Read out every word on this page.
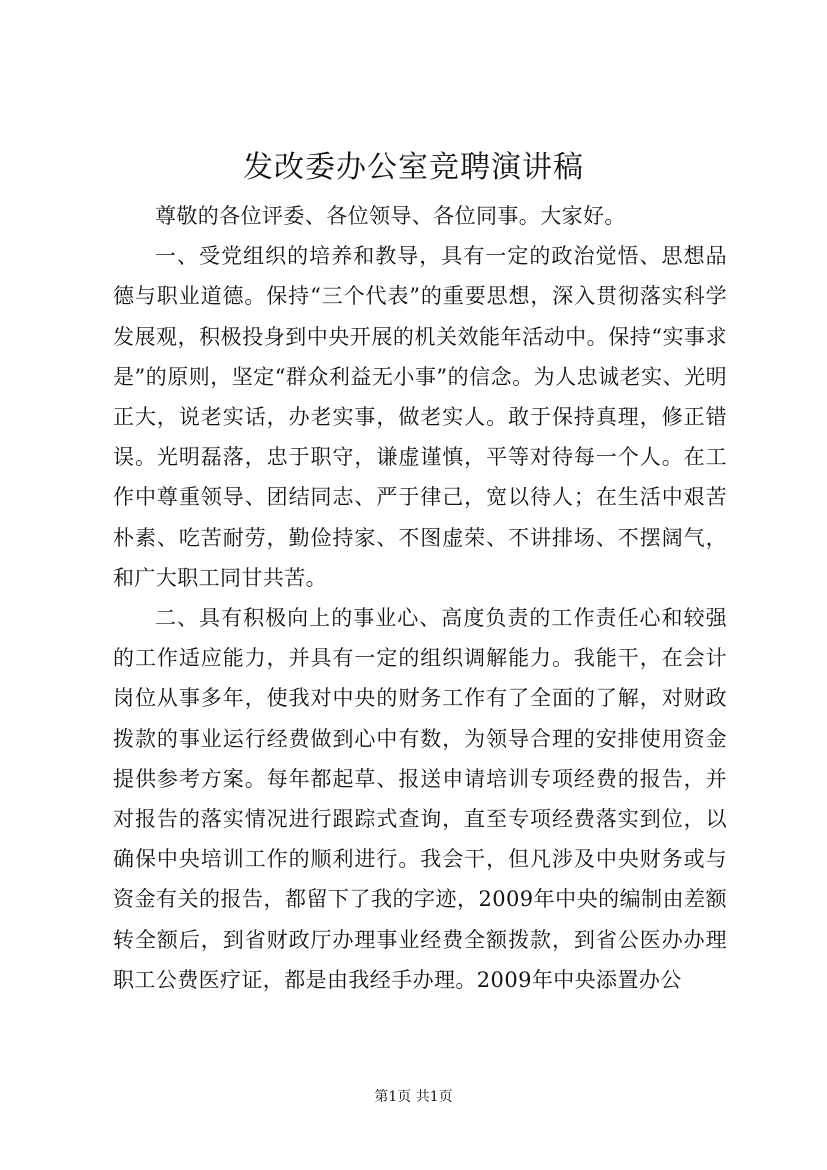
发改委办公室竞聘演讲稿

尊敬的各位评委、各位领导、各位同事。大家好。

一、受党组织的培养和教导，具有一定的政治觉悟、思想品德与职业道德。保持“三个代表”的重要思想，深入贯彻落实科学发展观，积极投身到中央开展的机关效能年活动中。保持“实事求是”的原则，坚定“群众利益无小事”的信念。为人忠诚老实、光明正大，说老实话，办老实事，做老实人。敢于保持真理，修正错误。光明磊落，忠于职守，谦虚谨慎，平等对待每一个人。在工作中尊重领导、团结同志、严于律己，宽以待人；在生活中艰苦朴素、吃苦耐劳，勤俭持家、不图虚荣、不讲排场、不摆阔气，和广大职工同甘共苦。

二、具有积极向上的事业心、高度负责的工作责任心和较强的工作适应能力，并具有一定的组织调解能力。我能干，在会计岗位从事多年，使我对中央的财务工作有了全面的了解，对财政拨款的事业运行经费做到心中有数，为领导合理的安排使用资金提供参考方案。每年都起草、报送申请培训专项经费的报告，并对报告的落实情况进行跟踪式查询，直至专项经费落实到位，以确保中央培训工作的顺利进行。我会干，但凡涉及中央财务或与资金有关的报告，都留下了我的字迹，2009年中央的编制由差额转全额后，到省财政厅办理事业经费全额拨款，到省公医办办理职工公费医疗证，都是由我经手办理。2009年中央添置办公

第1页 共1页
